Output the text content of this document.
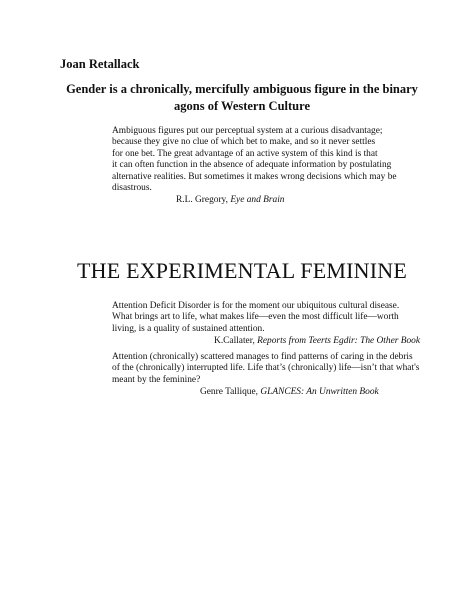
Joan Retallack

Gender is a chronically, mercifully ambiguous figure in the binary agons of Western Culture

Ambiguous figures put our perceptual system at a curious disadvantage;

because they give no clue of which bet to make, and so it never settles

for one bet. The great advantage of an active system of this kind is that

it can often function in the absence of adequate information by postulating

alternative realities. But sometimes it makes wrong decisions which may be

disastrous.

R.L. Gregory, Eye and Brain

THE EXPERIMENTAL FEMININE

Attention Deficit Disorder is for the moment our ubiquitous cultural disease.

What brings art to life, what makes life—even the most difficult life—worth

living, is a quality of sustained attention.

K.Callater, Reports from Teerts Egdir: The Other Book

Attention (chronically) scattered manages to find patterns of caring in the debris

of the (chronically) interrupted life. Life that’s (chronically) life—isn’t that what's

meant by the feminine?

Genre Tallique, GLANCES: An Unwritten Book
